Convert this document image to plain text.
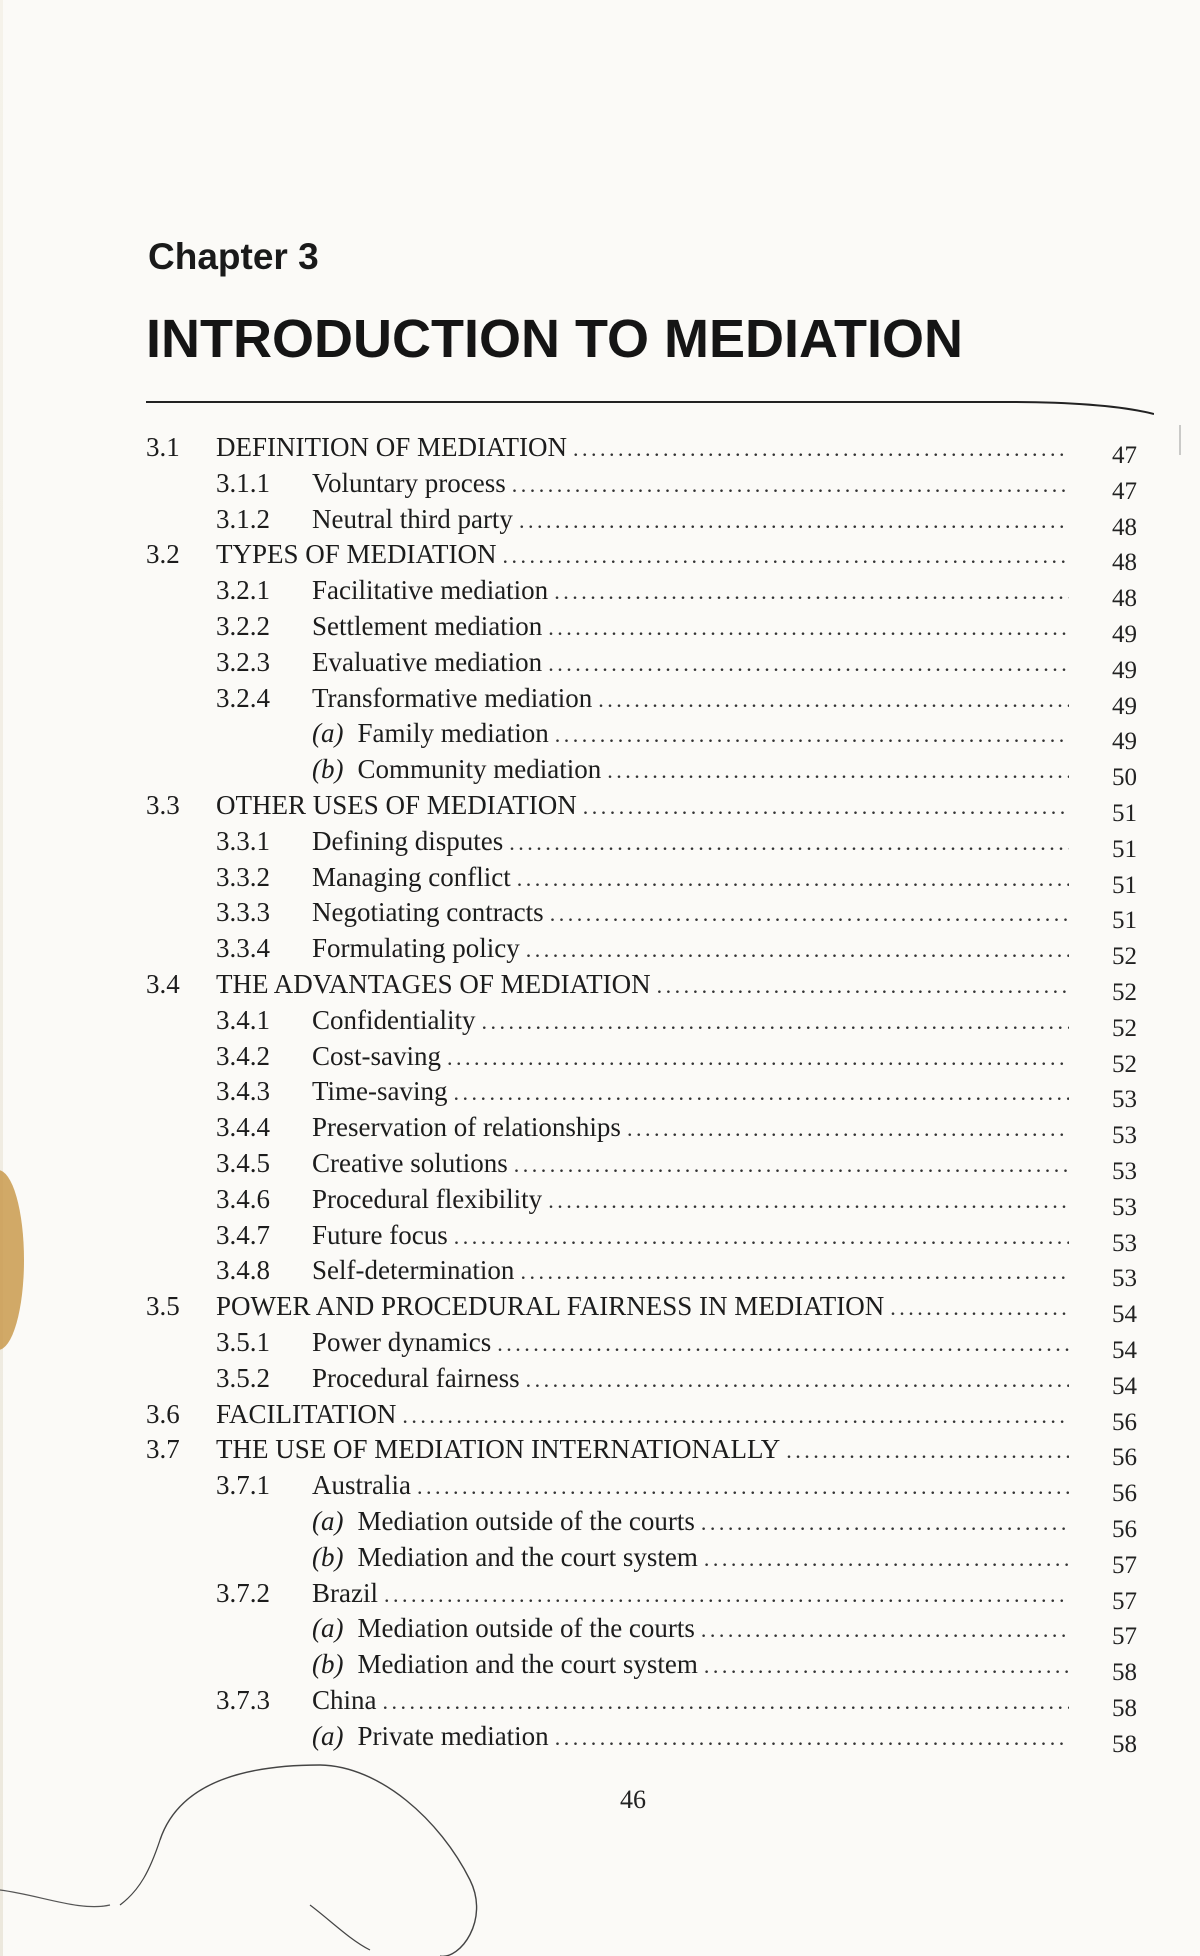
Chapter 3
INTRODUCTION TO MEDIATION
3.1	DEFINITION OF MEDIATION . . .	47
3.1.1	Voluntary process . . .	47
3.1.2	Neutral third party . . .	48
3.2	TYPES OF MEDIATION . . .	48
3.2.1	Facilitative mediation . . .	48
3.2.2	Settlement mediation . . .	49
3.2.3	Evaluative mediation . . .	49
3.2.4	Transformative mediation . . .	49
(a) Family mediation . . .	49
(b) Community mediation . . .	50
3.3	OTHER USES OF MEDIATION . . .	51
3.3.1	Defining disputes . . .	51
3.3.2	Managing conflict . . .	51
3.3.3	Negotiating contracts . . .	51
3.3.4	Formulating policy . . .	52
3.4	THE ADVANTAGES OF MEDIATION . . .	52
3.4.1	Confidentiality . . .	52
3.4.2	Cost-saving . . .	52
3.4.3	Time-saving . . .	53
3.4.4	Preservation of relationships . . .	53
3.4.5	Creative solutions . . .	53
3.4.6	Procedural flexibility . . .	53
3.4.7	Future focus . . .	53
3.4.8	Self-determination . . .	53
3.5	POWER AND PROCEDURAL FAIRNESS IN MEDIATION . . .	54
3.5.1	Power dynamics . . .	54
3.5.2	Procedural fairness . . .	54
3.6	FACILITATION . . .	56
3.7	THE USE OF MEDIATION INTERNATIONALLY . . .	56
3.7.1	Australia . . .	56
(a) Mediation outside of the courts . . .	56
(b) Mediation and the court system . . .	57
3.7.2	Brazil . . .	57
(a) Mediation outside of the courts . . .	57
(b) Mediation and the court system . . .	58
3.7.3	China . . .	58
(a) Private mediation . . .	58
46
